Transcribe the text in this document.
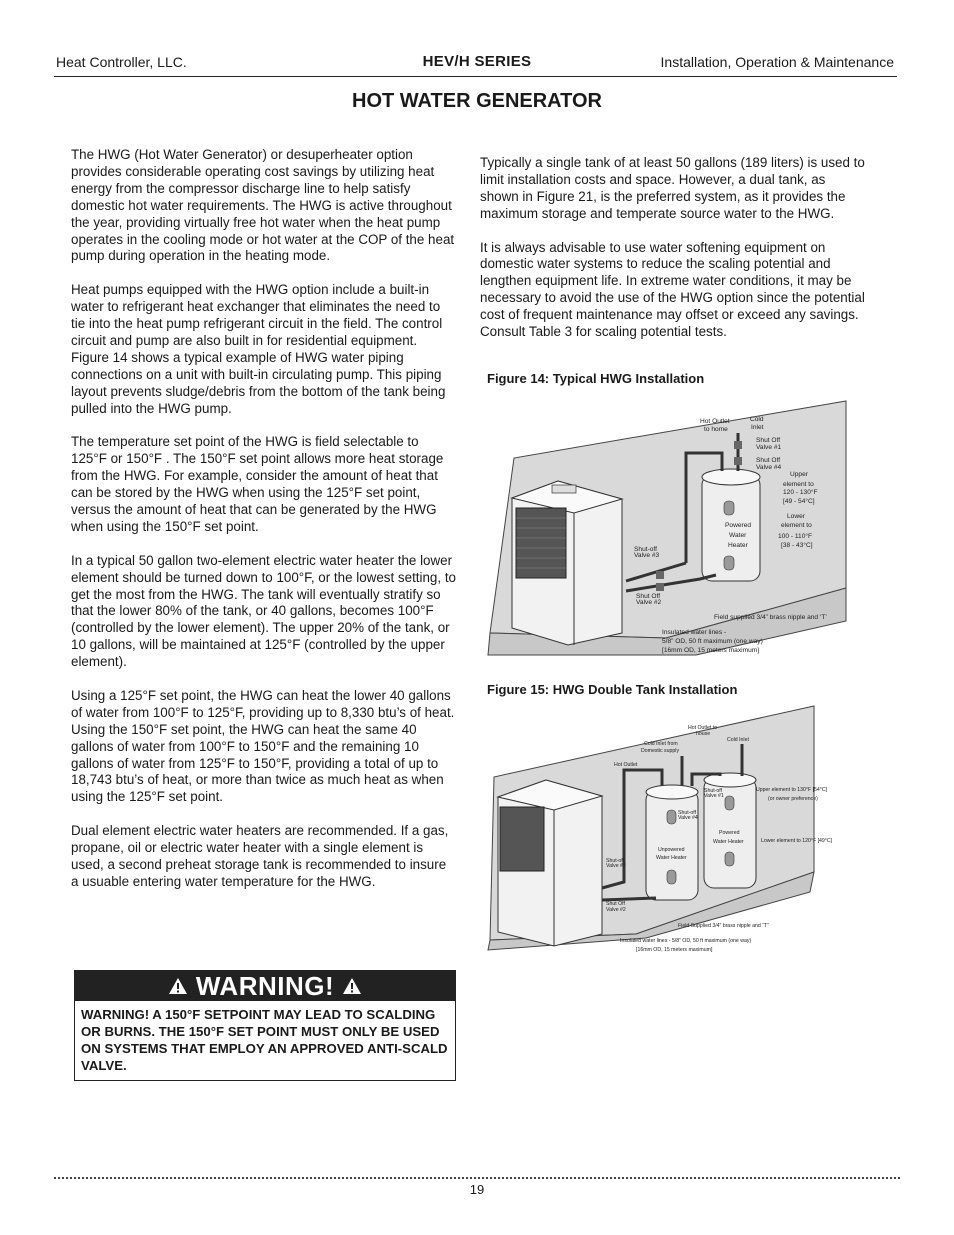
Heat Controller, LLC.	HEV/H SERIES	Installation, Operation & Maintenance
HOT WATER GENERATOR

The HWG (Hot Water Generator) or desuperheater option provides considerable operating cost savings by utilizing heat energy from the compressor discharge line to help satisfy domestic hot water requirements. The HWG is active throughout the year, providing virtually free hot water when the heat pump operates in the cooling mode or hot water at the COP of the heat pump during operation in the heating mode.

Heat pumps equipped with the HWG option include a built-in water to refrigerant heat exchanger that eliminates the need to tie into the heat pump refrigerant circuit in the field. The control circuit and pump are also built in for residential equipment. Figure 14 shows a typical example of HWG water piping connections on a unit with built-in circulating pump. This piping layout prevents sludge/debris from the bottom of the tank being pulled into the HWG pump.

The temperature set point of the HWG is field selectable to 125°F or 150°F . The 150°F set point allows more heat storage from the HWG. For example, consider the amount of heat that can be stored by the HWG when using the 125°F set point, versus the amount of heat that can be generated by the HWG when using the 150°F set point.

In a typical 50 gallon two-element electric water heater the lower element should be turned down to 100°F, or the lowest setting, to get the most from the HWG. The tank will eventually stratify so that the lower 80% of the tank, or 40 gallons, becomes 100°F (controlled by the lower element). The upper 20% of the tank, or 10 gallons, will be maintained at 125°F (controlled by the upper element).

Using a 125°F set point, the HWG can heat the lower 40 gallons of water from 100°F to 125°F, providing up to 8,330 btu’s of heat. Using the 150°F set point, the HWG can heat the same 40 gallons of water from 100°F to 150°F and the remaining 10 gallons of water from 125°F to 150°F, providing a total of up to 18,743 btu’s of heat, or more than twice as much heat as when using the 125°F set point.

Dual element electric water heaters are recommended. If a gas, propane, oil or electric water heater with a single element is used, a second preheat storage tank is recommended to insure a usuable entering water temperature for the HWG.

Typically a single tank of at least 50 gallons (189 liters) is used to limit installation costs and space. However, a dual tank, as shown in Figure 21, is the preferred system, as it provides the maximum storage and temperate source water to the HWG.

It is always advisable to use water softening equipment on domestic water systems to reduce the scaling potential and lengthen equipment life. In extreme water conditions, it may be necessary to avoid the use of the HWG option since the potential cost of frequent maintenance may offset or exceed any savings. Consult Table 3 for scaling potential tests.

Figure 14: Typical HWG Installation
Hot Outlet
to home
Cold
Inlet
Shut Off
Valve #1
Shut Off
Valve #4
Upper
element to
120 - 130°F
[49 - 54°C]
Lower
element to
100 - 110°F
[38 - 43°C]
Powered
Water
Heater
Shut-off
Valve #3
Shut Off
Valve #2
Field supplied 3/4” brass nipple and ‘T’
Insulated water lines -
5/8” OD, 50 ft maximum (one way)
[16mm OD, 15 meters maximum]
Figure 15: HWG Double Tank Installation
Hot Outlet to
house
Cold Inlet
Cold Inlet from
Domestic supply
Hot Outlet
Shut-off
Valve #1
Shut-off
Valve #4
Upper element to 130°F [54°C]
(or owner preference)
Powered
Water Heater	Lower element to 120°F [49°C]
Unpowered
Water Heater
Shut-off
Valve #3
Shut Off
Valve #2
Field Supplied 3/4” brass nipple and “T”
Insulated water lines - 5/8” OD, 50 ft maximum (one way)
[16mm OD, 15 meters maximum]
WARNING!
WARNING! A 150°F SETPOINT MAY LEAD TO SCALDING OR BURNS. THE 150°F SET POINT MUST ONLY BE USED ON SYSTEMS THAT EMPLOY AN APPROVED ANTI-SCALD VALVE.
19
